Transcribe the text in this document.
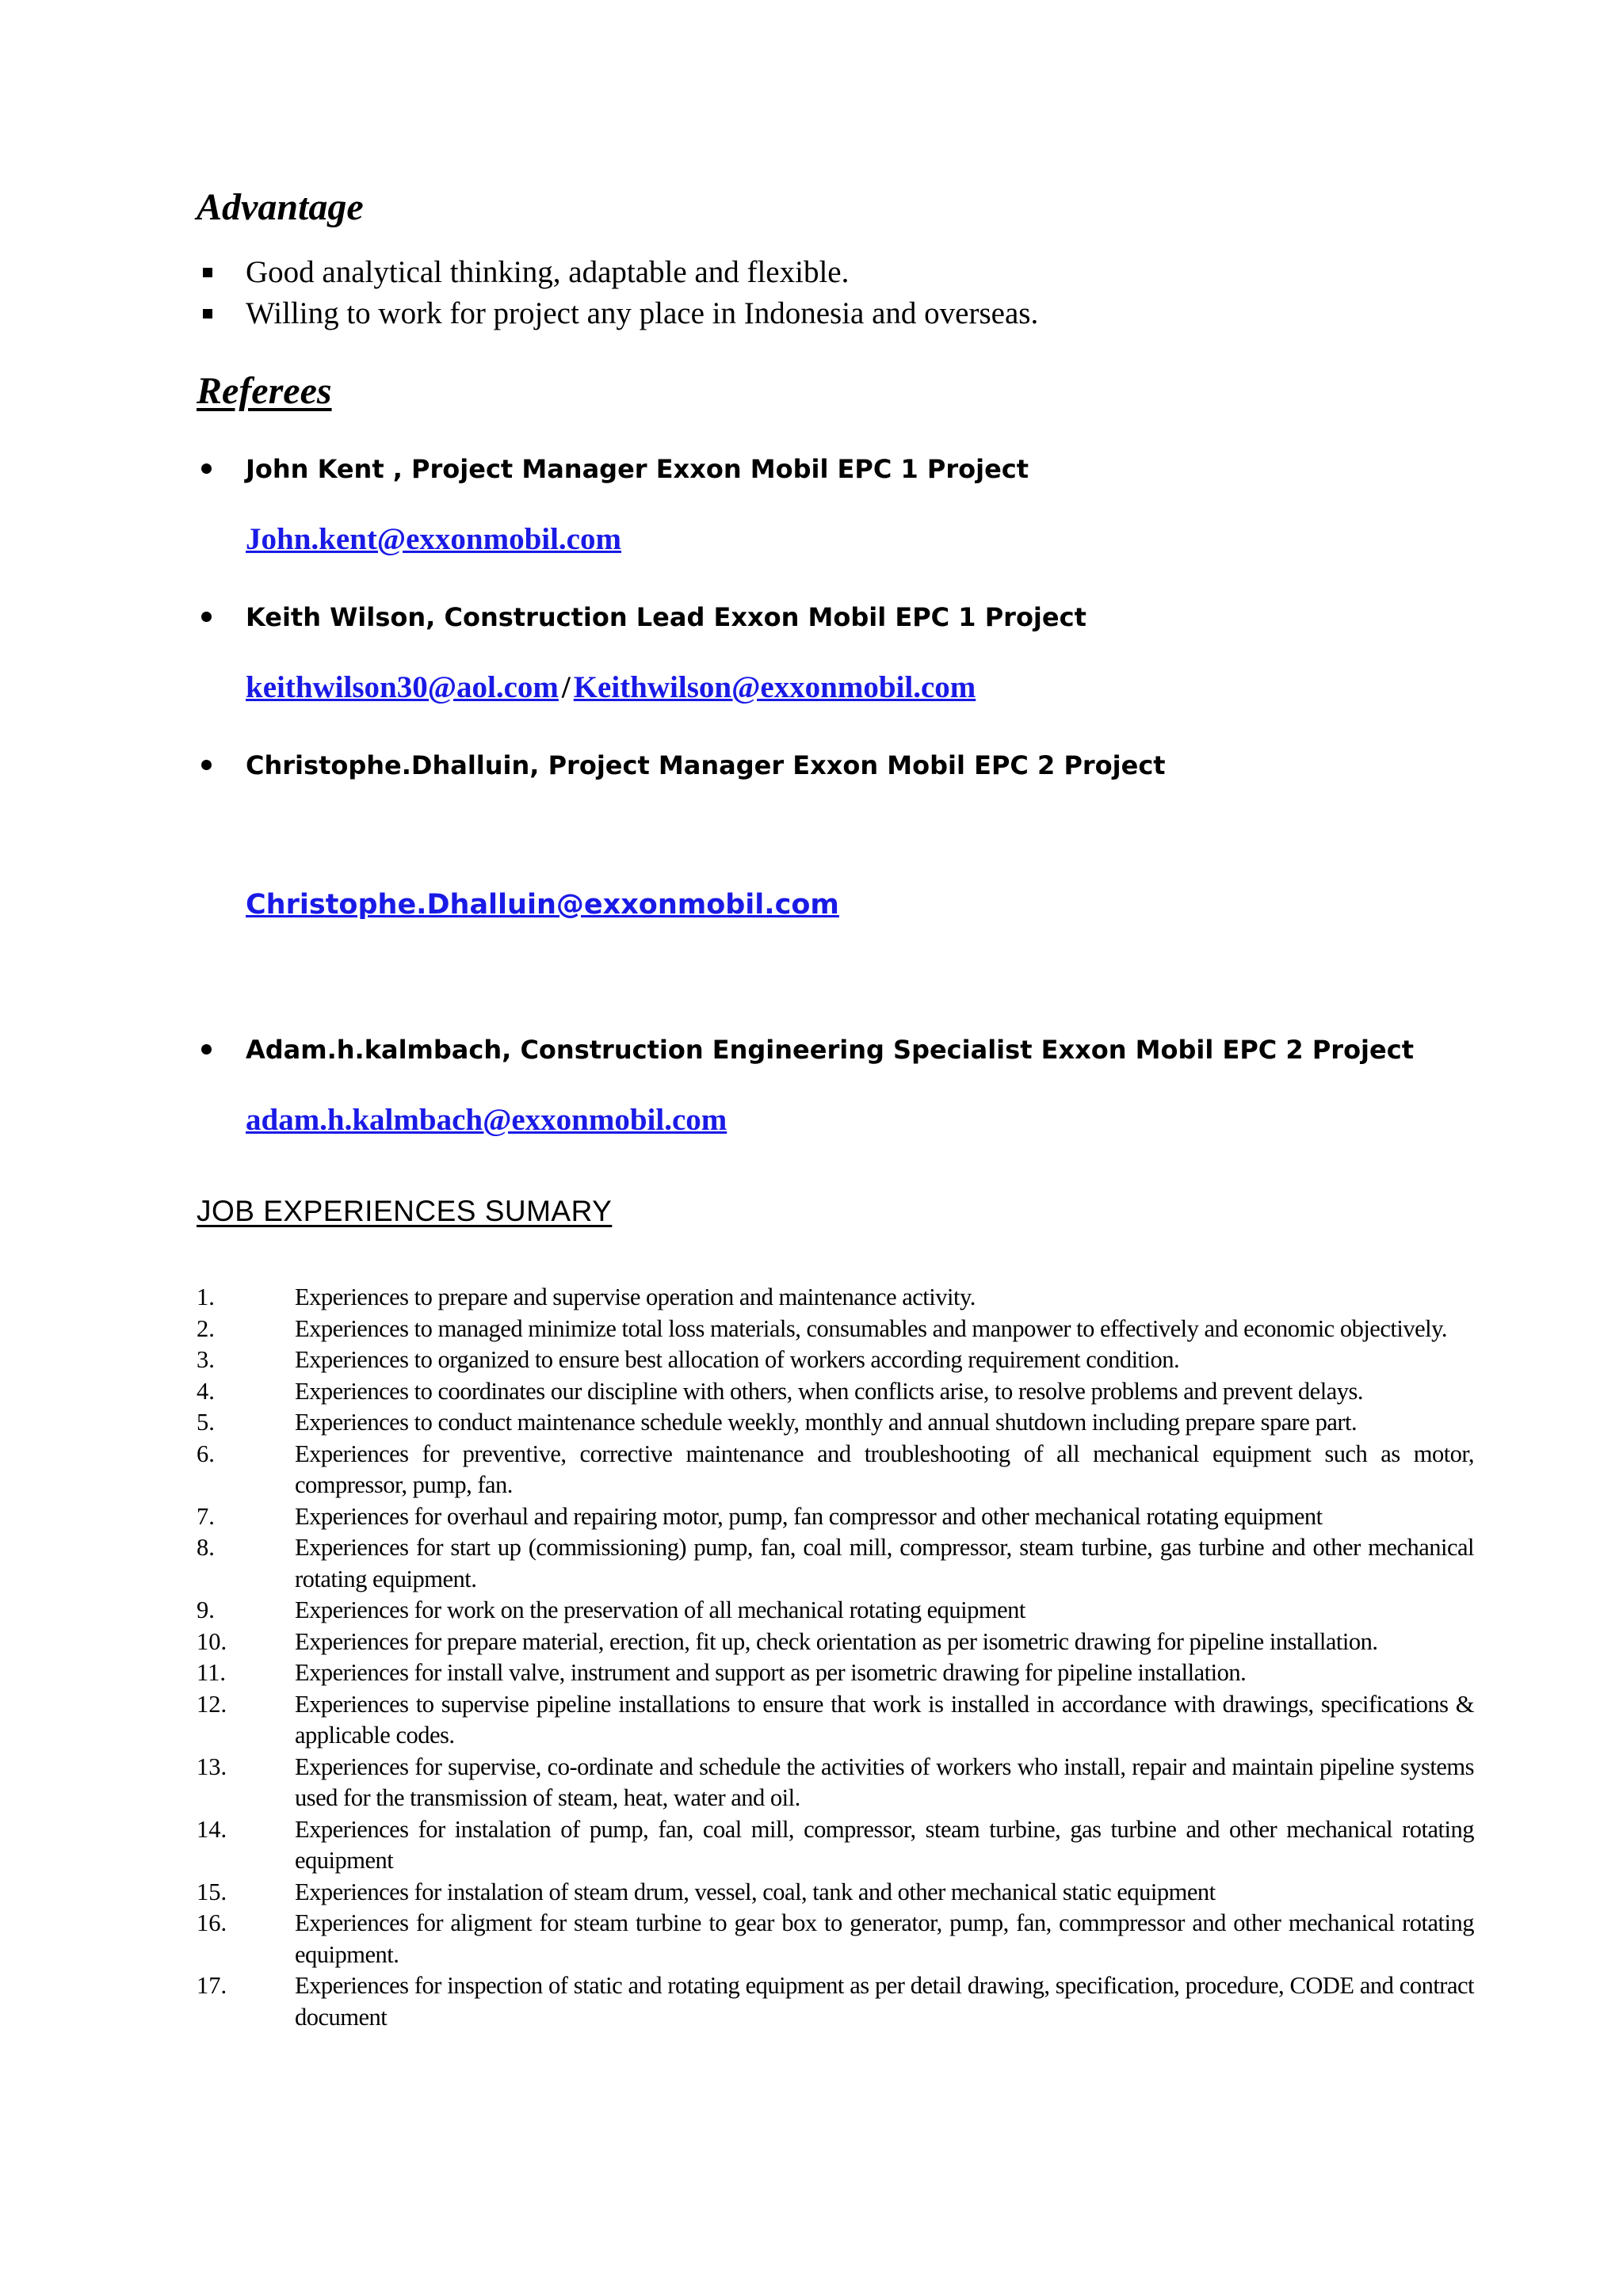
Advantage
Good analytical thinking, adaptable and flexible.
Willing to work for project any place in Indonesia and overseas.
Referees
John Kent , Project Manager Exxon Mobil EPC 1 Project
John.kent@exxonmobil.com
Keith Wilson, Construction Lead Exxon Mobil EPC 1 Project
keithwilson30@aol.com / Keithwilson@exxonmobil.com
Christophe.Dhalluin, Project Manager Exxon Mobil EPC 2 Project
Christophe.Dhalluin@exxonmobil.com
Adam.h.kalmbach, Construction Engineering Specialist Exxon Mobil EPC 2 Project
adam.h.kalmbach@exxonmobil.com
JOB EXPERIENCES SUMARY
1.	Experiences to prepare and supervise operation and maintenance activity.
2.	Experiences to managed minimize total loss materials, consumables and manpower to effectively and economic objectively.
3.	Experiences to organized to ensure best allocation of workers according requirement condition.
4.	Experiences to coordinates our discipline with others, when conflicts arise, to resolve problems and prevent delays.
5.	Experiences to conduct maintenance schedule weekly, monthly and annual shutdown including prepare spare part.
6.	Experiences for preventive, corrective maintenance and troubleshooting of all mechanical equipment such as motor, compressor, pump, fan.
7.	Experiences for overhaul and repairing motor, pump, fan compressor and other mechanical rotating equipment
8.	Experiences for start up (commissioning) pump, fan, coal mill, compressor, steam turbine, gas turbine and other mechanical rotating equipment.
9.	Experiences for work on the preservation of all mechanical rotating equipment
10.	Experiences for prepare material, erection, fit up, check orientation as per isometric drawing for pipeline installation.
11.	Experiences for install valve, instrument and support as per isometric drawing for pipeline installation.
12.	Experiences to supervise pipeline installations to ensure that work is installed in accordance with drawings, specifications & applicable codes.
13.	Experiences for supervise, co-ordinate and schedule the activities of workers who install, repair and maintain pipeline systems used for the transmission of steam, heat, water and oil.
14.	Experiences for instalation of pump, fan, coal mill, compressor, steam turbine, gas turbine and other mechanical rotating equipment
15.	Experiences for instalation of steam drum, vessel, coal, tank and other mechanical static equipment
16.	Experiences for aligment for steam turbine to gear box to generator, pump, fan, commpressor and other mechanical rotating equipment.
17.	Experiences for inspection of static and rotating equipment as per detail drawing, specification, procedure, CODE and contract document
